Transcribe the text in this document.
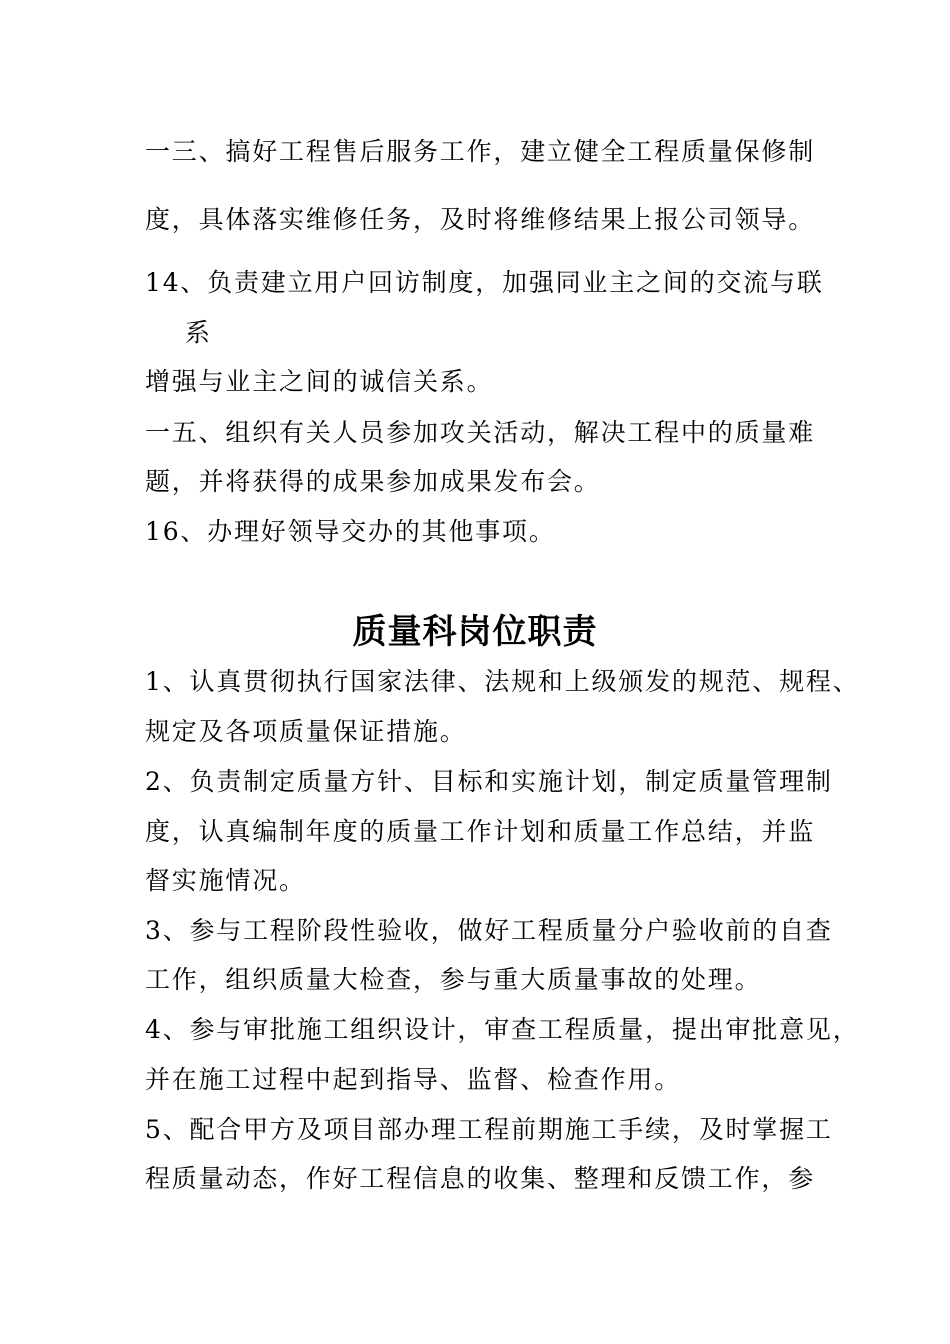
一三、搞好工程售后服务工作，建立健全工程质量保修制
度，具体落实维修任务，及时将维修结果上报公司领导。
14、负责建立用户回访制度，加强同业主之间的交流与联
系
增强与业主之间的诚信关系。
一五、组织有关人员参加攻关活动，解决工程中的质量难
题，并将获得的成果参加成果发布会。
16、办理好领导交办的其他事项。
质量科岗位职责
1、认真贯彻执行国家法律、法规和上级颁发的规范、规程、
规定及各项质量保证措施。
2、负责制定质量方针、目标和实施计划，制定质量管理制
度，认真编制年度的质量工作计划和质量工作总结，并监
督实施情况。
3、参与工程阶段性验收，做好工程质量分户验收前的自查
工作，组织质量大检查，参与重大质量事故的处理。
4、参与审批施工组织设计，审查工程质量，提出审批意见，
并在施工过程中起到指导、监督、检查作用。
5、配合甲方及项目部办理工程前期施工手续，及时掌握工
程质量动态，作好工程信息的收集、整理和反馈工作，参
